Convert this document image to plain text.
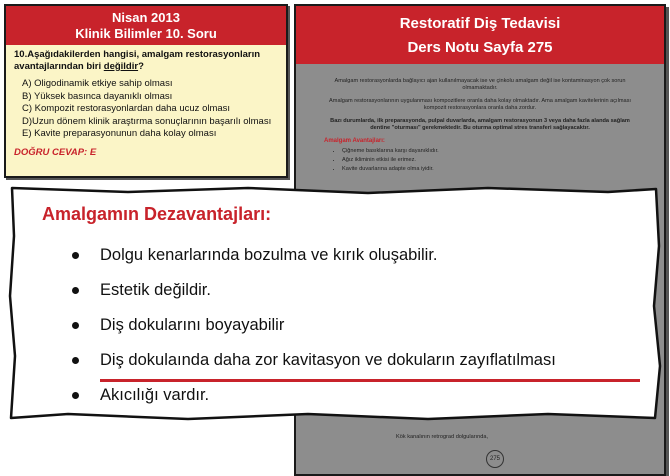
Nisan 2013
Klinik Bilimler 10. Soru
10.Aşağıdakilerden hangisi, amalgam restorasyonların avantajlarından biri değildir?
A) Oligodinamik etkiye sahip olması
B) Yüksek basınca dayanıklı olması
C) Kompozit restorasyonlardan daha ucuz olması
D)Uzun dönem klinik araştırma sonuçlarının başarılı olması
E) Kavite preparasyonunun daha kolay olması
DOĞRU CEVAP: E
Restoratif Diş Tedavisi
Ders Notu Sayfa 275

Amalgam restorasyonlarda bağlayıcı ajan kullanılmayacak ise ve çinkolu amalgam değil ise kontaminasyon çok sorun olmamaktadır.

Amalgam restorasyonlarının uygulanması kompozitlere oranla daha kolay olmaktadır. Ama amalgam kavitelerinin açılması kompozit restorasyonlara oranla daha zordur.

Bazı durumlarda, ilk preparasyonda, pulpal duvarlarda, amalgam restorasyonun 3 veya daha fazla alanda sağlam dentine "oturması" gerekmektedir. Bu oturma optimal stres transferi sağlayacaktır.

Amalgam Avantajları:
• Çiğneme basıklarına karşı dayanıklıdır.
• Ağız ikliminin etkisi ile erimez.
• Kavite duvarlarına adapte olma iyidir.
Kök kanalının retrograd dolgularında,
275
Amalgamın Dezavantajları:
Dolgu kenarlarında bozulma ve kırık oluşabilir.
Estetik değildir.
Diş dokularını boyayabilir
Diş dokulaında daha zor kavitasyon ve dokuların zayıflatılması
Akıcılığı vardır.
